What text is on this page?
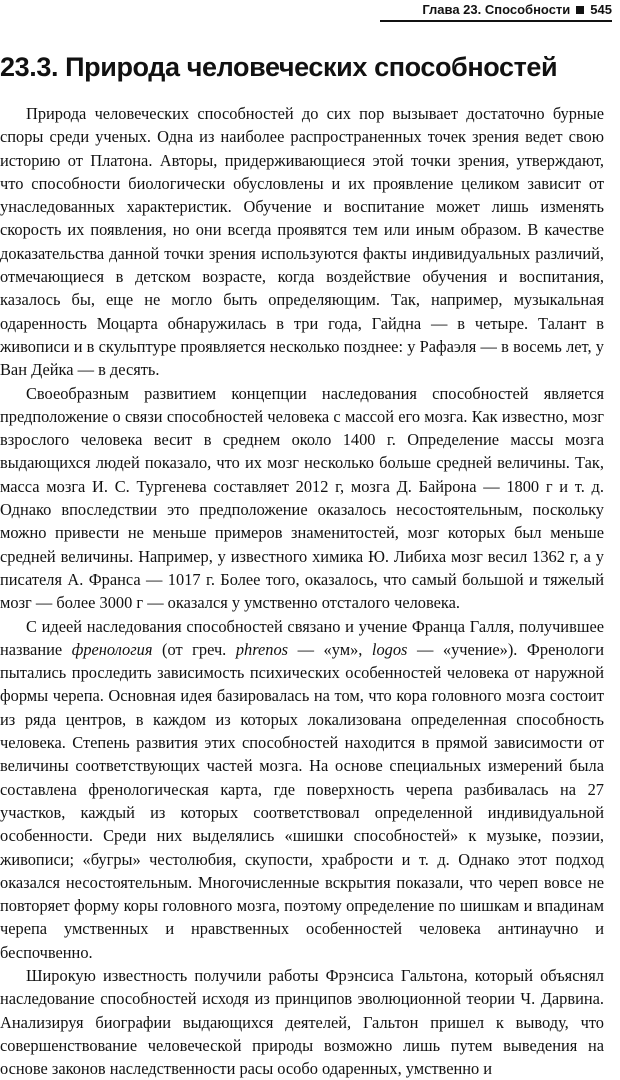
Глава 23. Способности 545
23.3. Природа человеческих способностей

Природа человеческих способностей до сих пор вызывает достаточно бурные споры среди ученых. Одна из наиболее распространенных точек зрения ведет свою историю от Платона. Авторы, придерживающиеся этой точки зрения, утверждают, что способности биологически обусловлены и их проявление целиком зависит от унаследованных характеристик. Обучение и воспитание может лишь изменять скорость их появления, но они всегда проявятся тем или иным образом. В качестве доказательства данной точки зрения используются факты индивидуальных различий, отмечающиеся в детском возрасте, когда воздействие обучения и воспитания, казалось бы, еще не могло быть определяющим. Так, например, музыкальная одаренность Моцарта обнаружилась в три года, Гайдна — в четыре. Талант в живописи и в скульптуре проявляется несколько позднее: у Рафаэля — в восемь лет, у Ван Дейка — в десять.

Своеобразным развитием концепции наследования способностей является предположение о связи способностей человека с массой его мозга. Как известно, мозг взрослого человека весит в среднем около 1400 г. Определение массы мозга выдающихся людей показало, что их мозг несколько больше средней величины. Так, масса мозга И. С. Тургенева составляет 2012 г, мозга Д. Байрона — 1800 г и т. д. Однако впоследствии это предположение оказалось несостоятельным, поскольку можно привести не меньше примеров знаменитостей, мозг которых был меньше средней величины. Например, у известного химика Ю. Либиха мозг весил 1362 г, а у писателя А. Франса — 1017 г. Более того, оказалось, что самый большой и тяжелый мозг — более 3000 г — оказался у умственно отсталого человека.

С идеей наследования способностей связано и учение Франца Галля, получившее название френология (от греч. phrenos — «ум», logos — «учение»). Френологи пытались проследить зависимость психических особенностей человека от наружной формы черепа. Основная идея базировалась на том, что кора головного мозга состоит из ряда центров, в каждом из которых локализована определенная способность человека. Степень развития этих способностей находится в прямой зависимости от величины соответствующих частей мозга. На основе специальных измерений была составлена френологическая карта, где поверхность черепа разбивалась на 27 участков, каждый из которых соответствовал определенной индивидуальной особенности. Среди них выделялись «шишки способностей» к музыке, поэзии, живописи; «бугры» честолюбия, скупости, храбрости и т. д. Однако этот подход оказался несостоятельным. Многочисленные вскрытия показали, что череп вовсе не повторяет форму коры головного мозга, поэтому определение по шишкам и впадинам черепа умственных и нравственных особенностей человека антинаучно и беспочвенно.

Широкую известность получили работы Фрэнсиса Гальтона, который объяснял наследование способностей исходя из принципов эволюционной теории Ч. Дарвина. Анализируя биографии выдающихся деятелей, Гальтон пришел к выводу, что совершенствование человеческой природы возможно лишь путем выведения на основе законов наследственности расы особо одаренных, умственно и
